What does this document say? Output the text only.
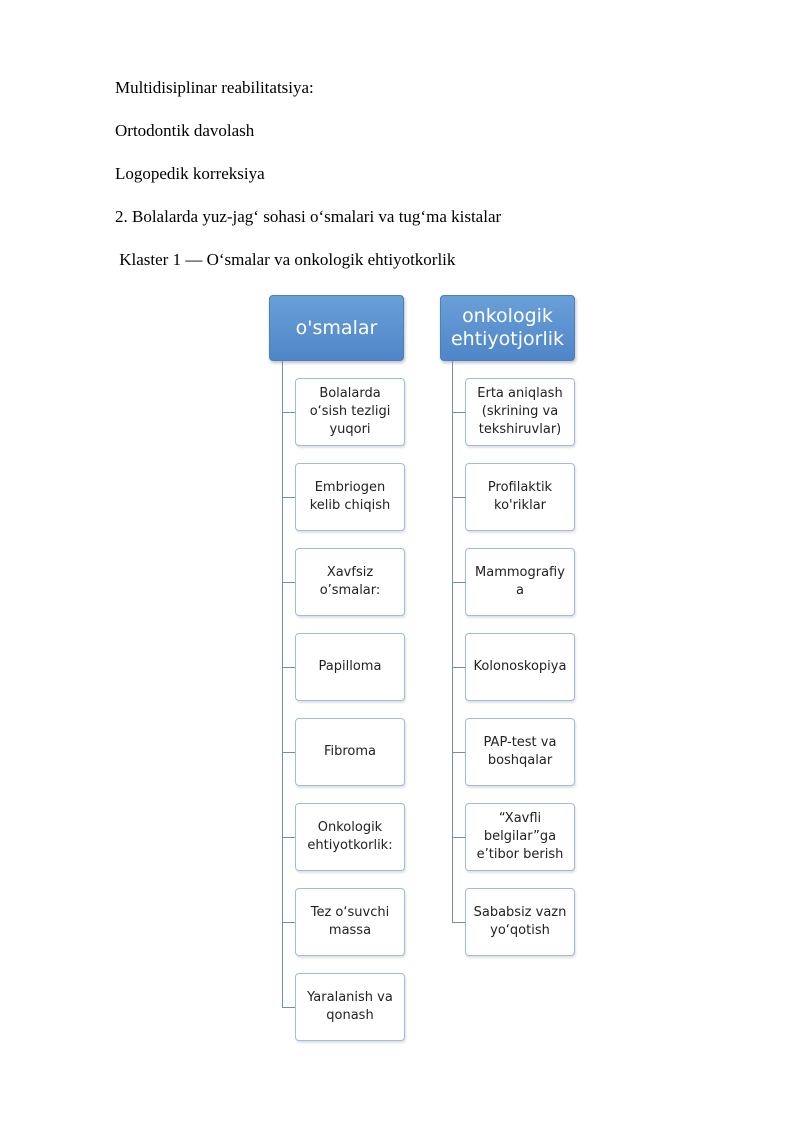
Multidisiplinar reabilitatsiya:
Ortodontik davolash
Logopedik korreksiya
2. Bolalarda yuz-jag‘ sohasi o‘smalari va tug‘ma kistalar
Klaster 1 — O‘smalar va onkologik ehtiyotkorlik
o'smalar
Bolalarda
o‘sish tezligi
yuqori
Embriogen
kelib chiqish
Xavfsiz
o’smalar:
Papilloma
Fibroma
Onkologik
ehtiyotkorlik:
Tez o‘suvchi
massa
Yaralanish va
qonash
onkologik
ehtiyotjorlik
Erta aniqlash
(skrining va
tekshiruvlar)
Profilaktik
ko'riklar
Mammografiy
a
Kolonoskopiya
PAP-test va
boshqalar
“Xavfli
belgilar”ga
e’tibor berish
Sababsiz vazn
yo‘qotish
